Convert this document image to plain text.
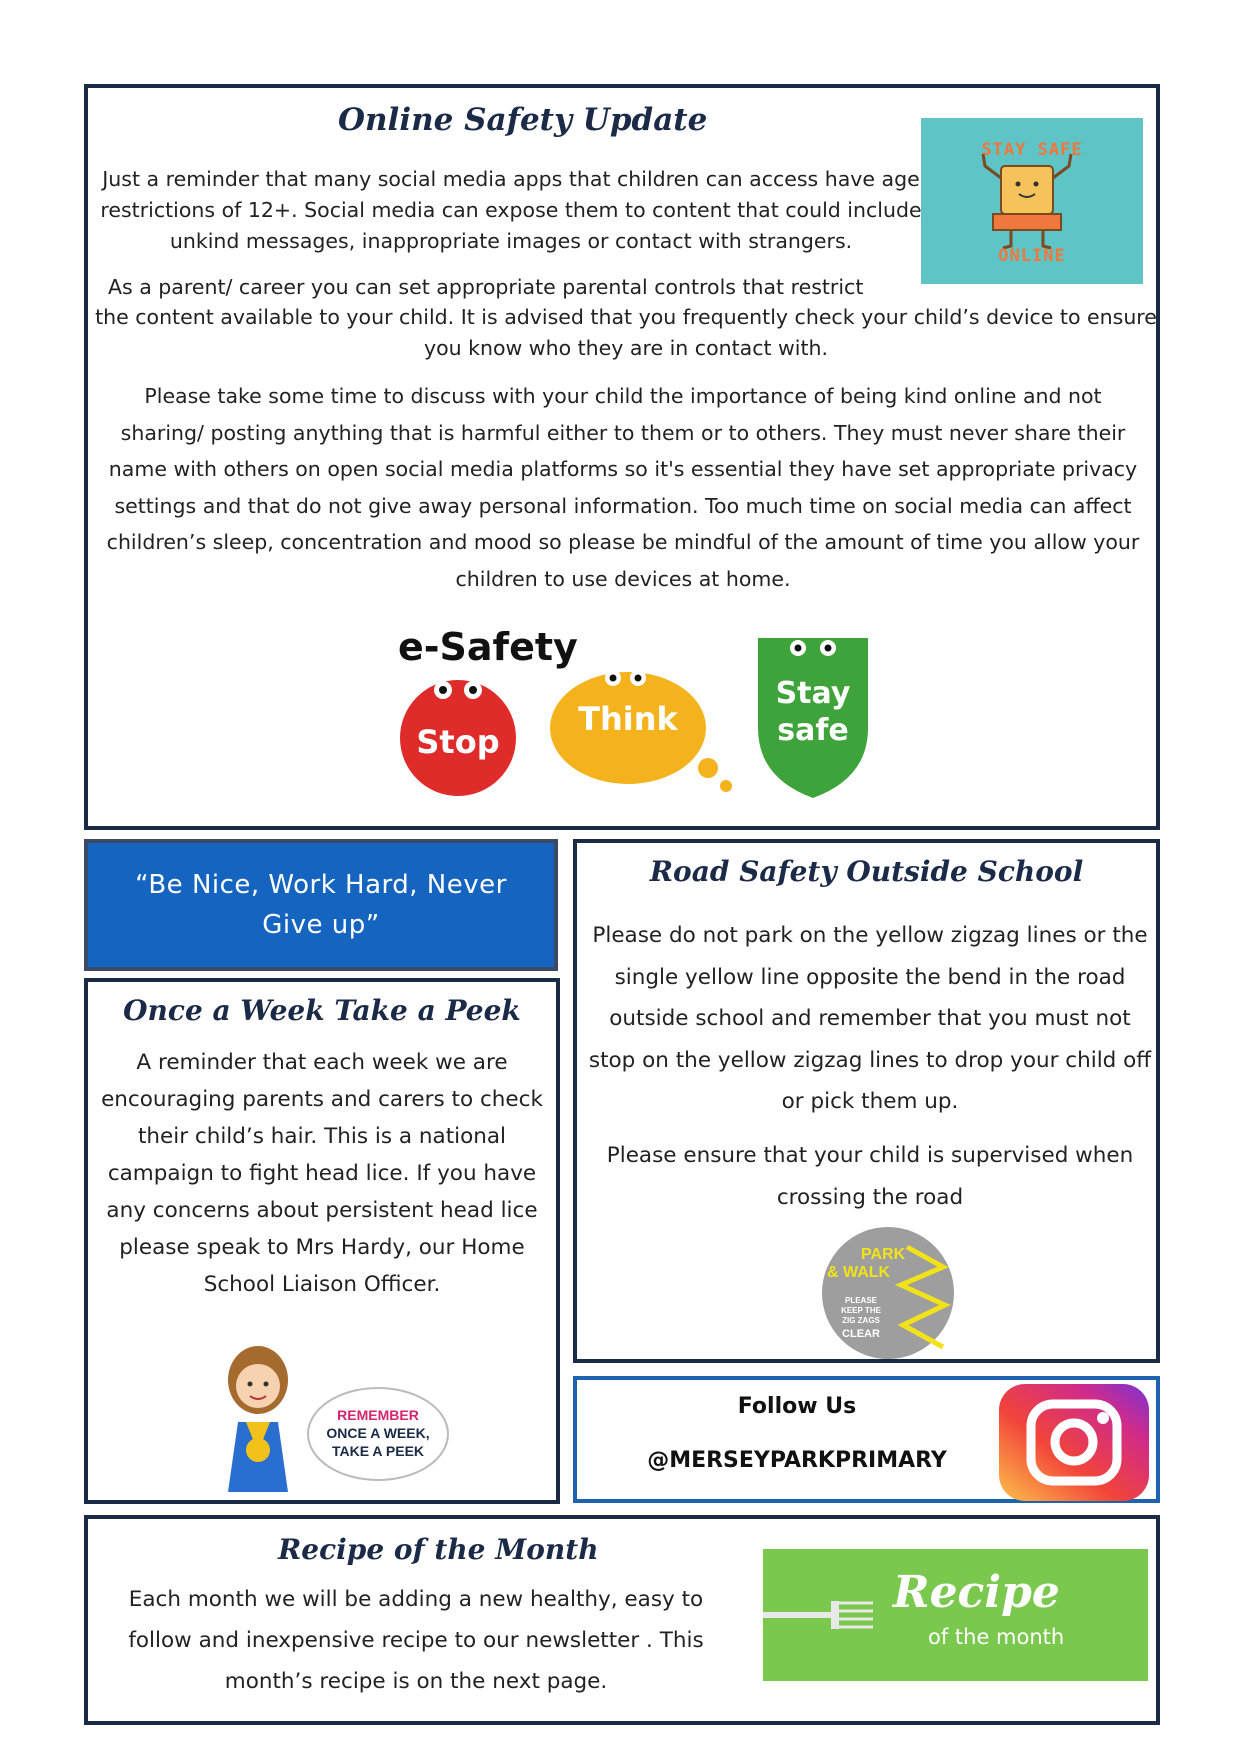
Online Safety Update
STAY SAFE
ONLINE

Just a reminder that many social media apps that children can access have age restrictions of 12+. Social media can expose them to content that could include unkind messages, inappropriate images or contact with strangers.

As a parent/ career you can set appropriate parental controls that restrict

the content available to your child. It is advised that you frequently check your child’s device to ensure you know who they are in contact with.

Please take some time to discuss with your child the importance of being kind online and not sharing/ posting anything that is harmful either to them or to others. They must never share their name with others on open social media platforms so it's essential they have set appropriate privacy settings and that do not give away personal information. Too much time on social media can affect children’s sleep, concentration and mood so please be mindful of the amount of time you allow your children to use devices at home.

e-Safety
Stop
Think
Stay
safe
“Be Nice, Work Hard, Never Give up”
Once a Week Take a Peek

A reminder that each week we are encouraging parents and carers to check their child’s hair. This is a national campaign to fight head lice. If you have any concerns about persistent head lice please speak to Mrs Hardy, our Home School Liaison Officer.

REMEMBER
ONCE A WEEK,
TAKE A PEEK
Road Safety Outside School

Please do not park on the yellow zigzag lines or the single yellow line opposite the bend in the road outside school and remember that you must not stop on the yellow zigzag lines to drop your child off or pick them up.

Please ensure that your child is supervised when crossing the road

PARK
& WALK
PLEASE
KEEP THE
ZIG ZAGS
CLEAR
Follow Us
@MERSEYPARKPRIMARY
Recipe of the Month

Each month we will be adding a new healthy, easy to follow and inexpensive recipe to our newsletter . This month’s recipe is on the next page.

Recipe
of the month
